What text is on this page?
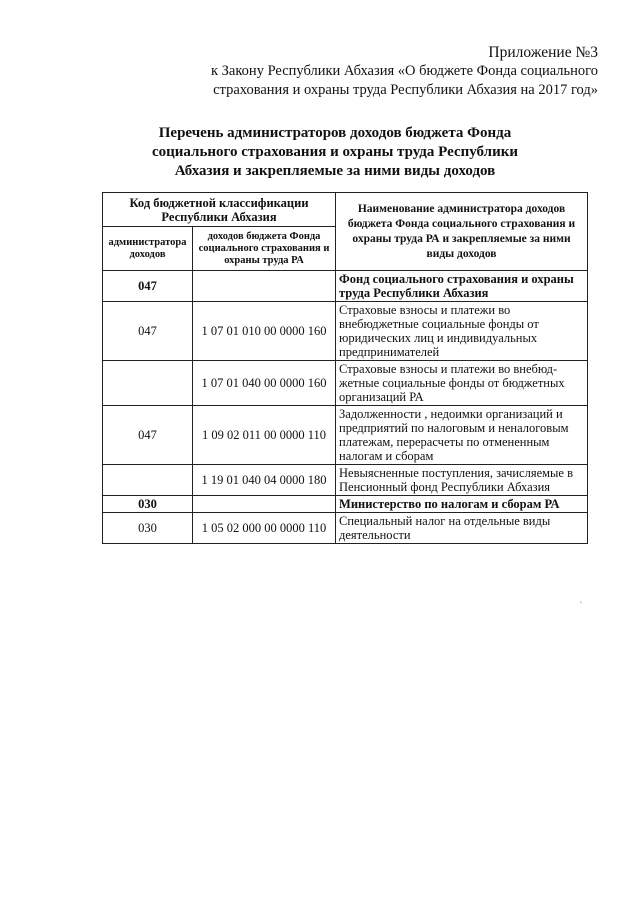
Приложение №3
к Закону Республики Абхазия «О бюджете Фонда социального
страхования и охраны труда Республики Абхазия на 2017 год»
Перечень администраторов доходов бюджета Фонда
социального страхования и охраны труда Республики
Абхазия и закрепляемые за ними виды доходов
Код бюджетной классификации Республики Абхазия		Наименование администратора доходов бюджета Фонда социального страхования и охраны труда РА и закрепляемые за ними виды доходов
администратора доходов	доходов бюджета Фонда социального страхования и охраны труда РА	
047		Фонд социального страхования и охраны труда Республики Абхазия
047	1 07 01 010 00 0000 160	Страховые взносы и платежи во внебюджетные социальные фонды от юридических лиц и индивидуальных предпринимателей
	1 07 01 040 00 0000 160	Страховые взносы и платежи во внебюд-жетные социальные фонды от бюджетных организаций РА
047	1 09 02 011 00 0000 110	Задолженности , недоимки организаций и предприятий по налоговым и неналоговым платежам, перерасчеты по отмененным налогам и сборам
	1 19 01 040 04 0000 180	Невыясненные поступления, зачисляемые в Пенсионный фонд Республики Абхазия
030		Министерство по налогам и сборам РА
030	1 05 02 000 00 0000 110	Специальный налог на отдельные виды деятельности
`
